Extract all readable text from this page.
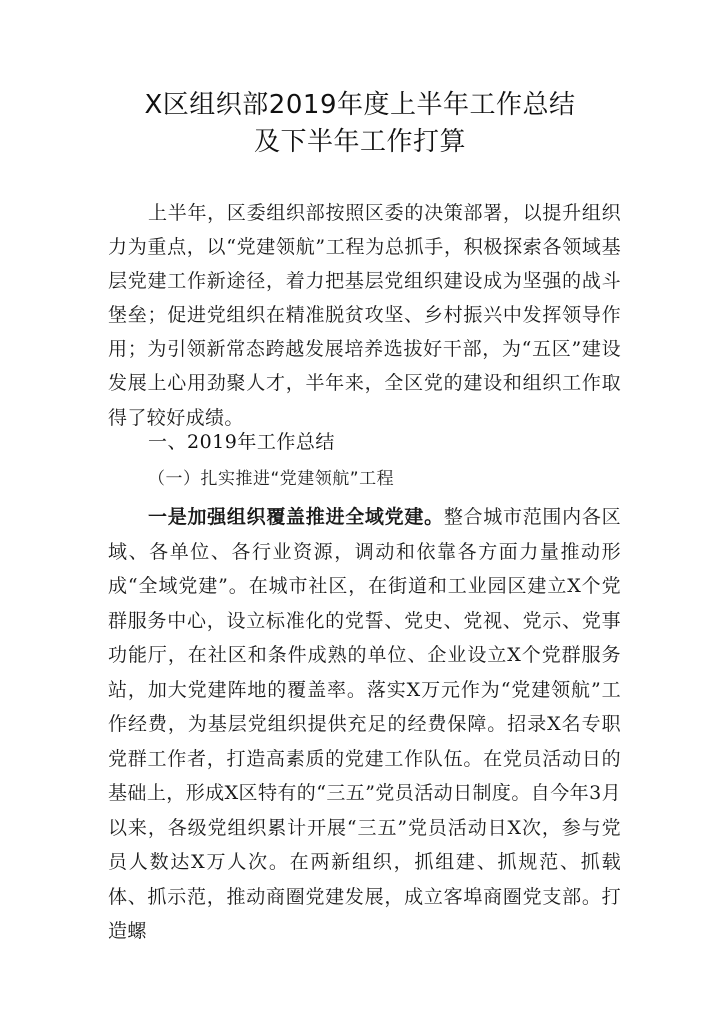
X区组织部2019年度上半年工作总结
及下半年工作打算
上半年，区委组织部按照区委的决策部署，以提升组织力为重点，以“党建领航”工程为总抓手，积极探索各领域基层党建工作新途径，着力把基层党组织建设成为坚强的战斗堡垒；促进党组织在精准脱贫攻坚、乡村振兴中发挥领导作用；为引领新常态跨越发展培养选拔好干部，为“五区”建设发展上心用劲聚人才，半年来，全区党的建设和组织工作取得了较好成绩。
一、2019年工作总结
（一）扎实推进“党建领航”工程
一是加强组织覆盖推进全域党建。整合城市范围内各区域、各单位、各行业资源，调动和依靠各方面力量推动形成“全域党建”。在城市社区，在街道和工业园区建立X个党群服务中心，设立标准化的党誓、党史、党视、党示、党事功能厅，在社区和条件成熟的单位、企业设立X个党群服务站，加大党建阵地的覆盖率。落实X万元作为“党建领航”工作经费，为基层党组织提供充足的经费保障。招录X名专职党群工作者，打造高素质的党建工作队伍。在党员活动日的基础上，形成X区特有的“三五”党员活动日制度。自今年3月以来，各级党组织累计开展“三五”党员活动日X次，参与党员人数达X万人次。在两新组织，抓组建、抓规范、抓载体、抓示范，推动商圈党建发展，成立客埠商圈党支部。打造螺
